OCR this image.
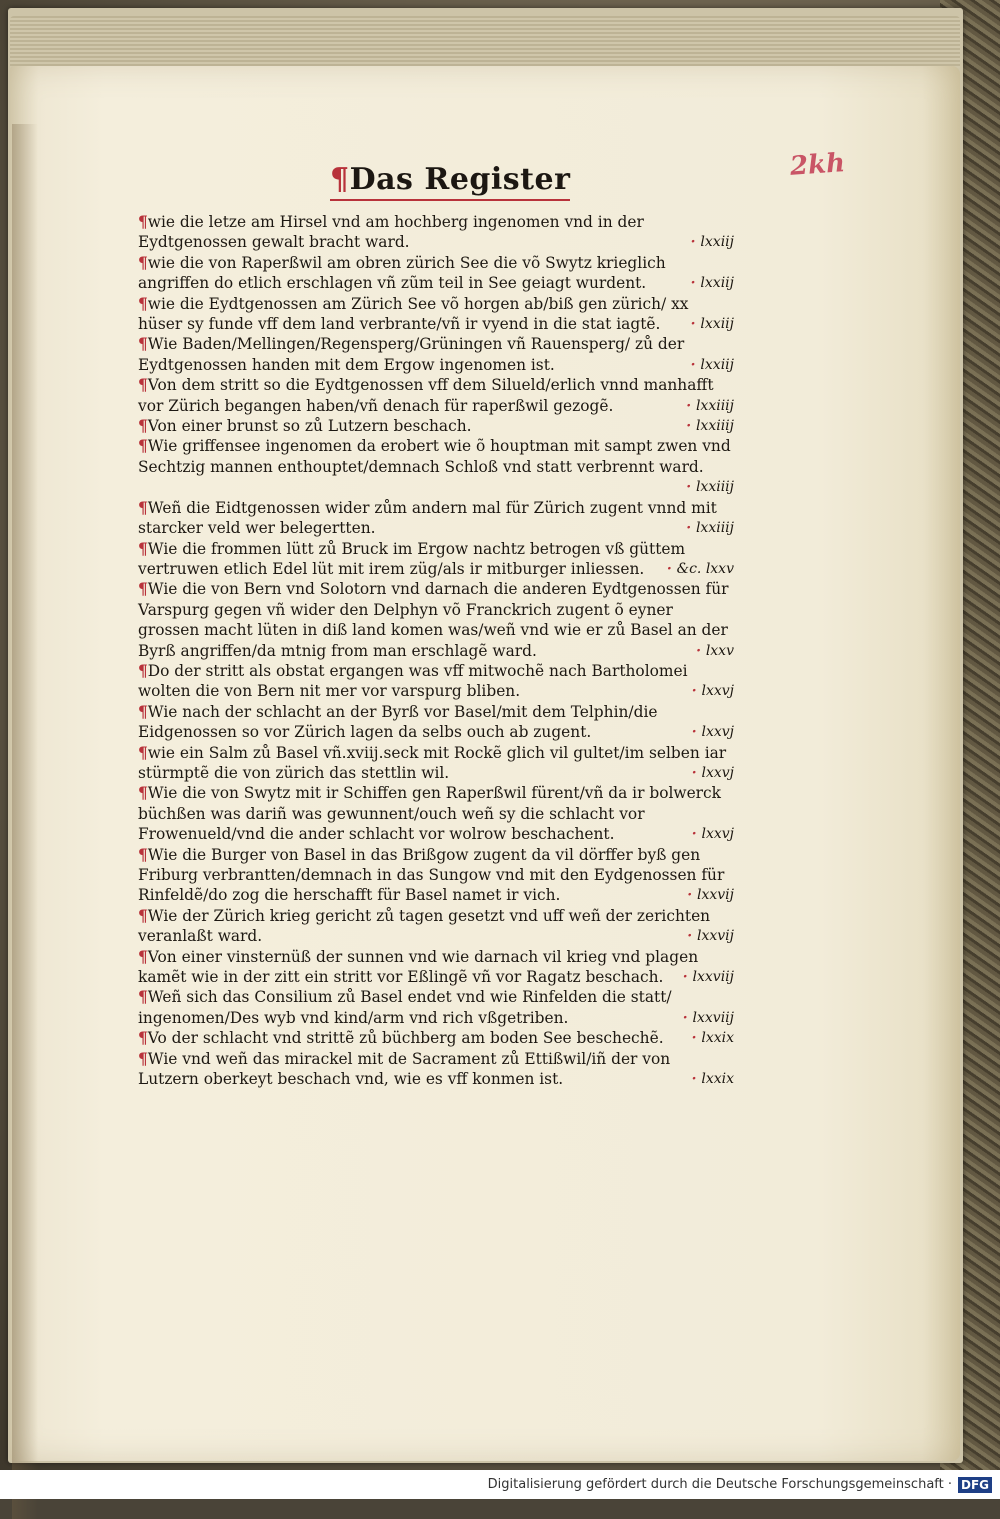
2kh
¶Das Register
¶wie die letze am Hirsel vnd am hochberg ingenomen vnd in der Eydtgenossen gewalt bracht ward.	· lxxiij
¶wie die von Raperßwil am obren zürich See die võ Swytz krieglich angriffen do etlich erschlagen vñ zũm teil in See geiagt wurdent.	· lxxiij
¶wie die Eydtgenossen am Zürich See võ horgen ab/biß gen zürich/ xx hüser sy funde vff dem land verbrante/vñ ir vyend in die stat iagtẽ. · lxxiij
¶Wie Baden/Mellingen/Regensperg/Grüningen vñ Rauensperg/ zů der Eydtgenossen handen mit dem Ergow ingenomen ist.	· lxxiij
¶Von dem stritt so die Eydtgenossen vff dem Silueld/erlich vnnd manhafft vor Zürich begangen haben/vñ denach für raperßwil gezogẽ.	· lxxiiij
¶Von einer brunst so zů Lutzern beschach.	· lxxiiij
¶Wie griffensee ingenomen da erobert wie õ houptman mit sampt zwen vnd Sechtzig mannen enthouptet/demnach Schloß vnd statt verbrennt ward.
· lxxiiij
¶Weñ die Eidtgenossen wider zům andern mal für Zürich zugent vnnd mit starcker veld wer belegertten.	· lxxiiij
¶Wie die frommen lütt zů Bruck im Ergow nachtz betrogen vß güttem vertruwen etlich Edel lüt mit irem züg/als ir mitburger inliessen. · &c. lxxv
¶Wie die von Bern vnd Solotorn vnd darnach die anderen Eydtgenossen für Varspurg gegen vñ wider den Delphyn võ Franckrich zugent õ eyner grossen macht lüten in diß land komen was/weñ vnd wie er zů Basel an der Byrß angriffen/da mtnig from man erschlagẽ ward.	· lxxv
¶Do der stritt als obstat ergangen was vff mitwochẽ nach Bartholomei wolten die von Bern nit mer vor varspurg bliben.	· lxxvj
¶Wie nach der schlacht an der Byrß vor Basel/mit dem Telphin/die Eidgenossen so vor Zürich lagen da selbs ouch ab zugent.	· lxxvj
¶wie ein Salm zů Basel vñ.xviij.seck mit Rockẽ glich vil gultet/im selben iar stürmptẽ die von zürich das stettlin wil.	· lxxvj
¶Wie die von Swytz mit ir Schiffen gen Raperßwil fürent/vñ da ir bolwerck büchßen was dariñ was gewunnent/ouch weñ sy die schlacht vor Frowenueld/vnd die ander schlacht vor wolrow beschachent.	· lxxvj
¶Wie die Burger von Basel in das Brißgow zugent da vil dörffer byß gen Friburg verbrantten/demnach in das Sungow vnd mit den Eydgenossen für Rinfeldẽ/do zog die herschafft für Basel namet ir vich.	· lxxvij
¶Wie der Zürich krieg gericht zů tagen gesetzt vnd uff weñ der zerichten veranlaßt ward.	· lxxvij
¶Von einer vinsternüß der sunnen vnd wie darnach vil krieg vnd plagen kamẽt wie in der zitt ein stritt vor Eßlingẽ vñ vor Ragatz beschach. · lxxviij
¶Weñ sich das Consilium zů Basel endet vnd wie Rinfelden die statt/ ingenomen/Des wyb vnd kind/arm vnd rich vßgetriben.	· lxxviij
¶Vo der schlacht vnd strittẽ zů büchberg am boden See beschechẽ. · lxxix
¶Wie vnd weñ das mirackel mit de Sacrament zů Ettißwil/iñ der von Lutzern oberkeyt beschach vnd, wie es vff konmen ist.	· lxxix
Digitalisierung gefördert durch die Deutsche Forschungsgemeinschaft · DFG
